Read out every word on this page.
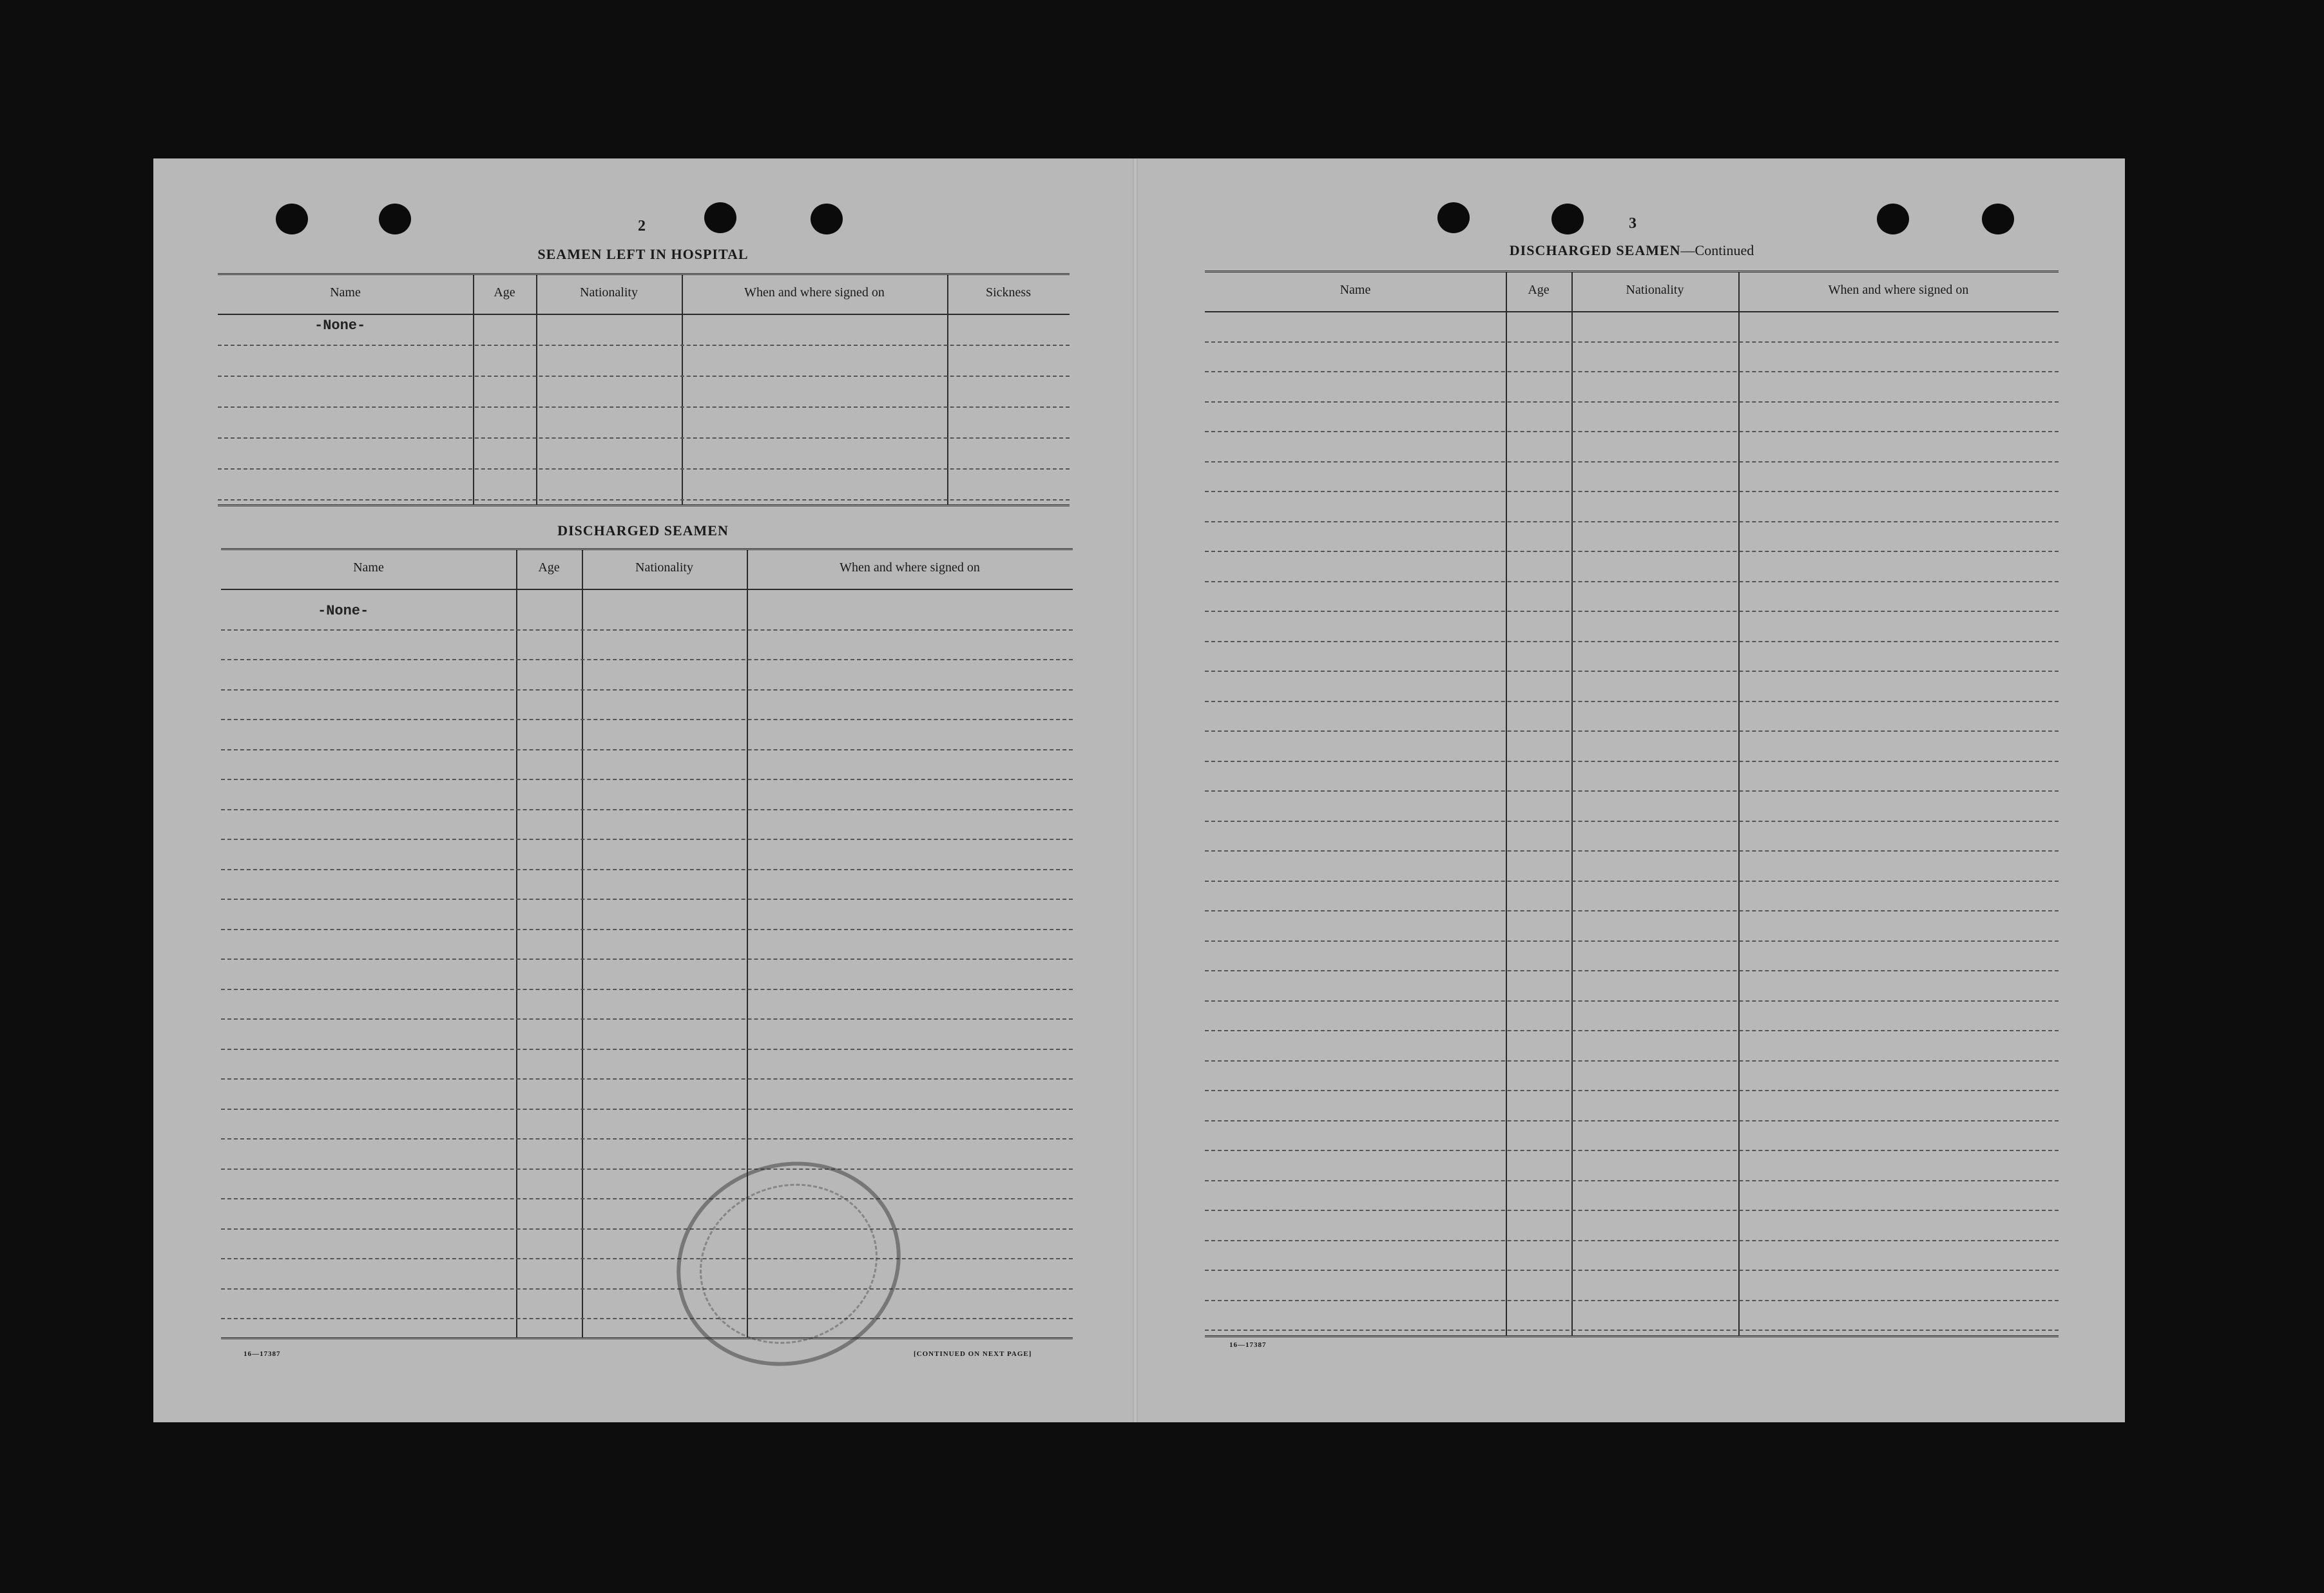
2
SEAMEN LEFT IN HOSPITAL
Name	Age	Nationality	When and where signed on	Sickness
-None-
DISCHARGED SEAMEN
Name	Age	Nationality	When and where signed on
-None-
16—17387	[CONTINUED ON NEXT PAGE]
3
DISCHARGED SEAMEN—Continued
Name	Age	Nationality	When and where signed on
16—17387
